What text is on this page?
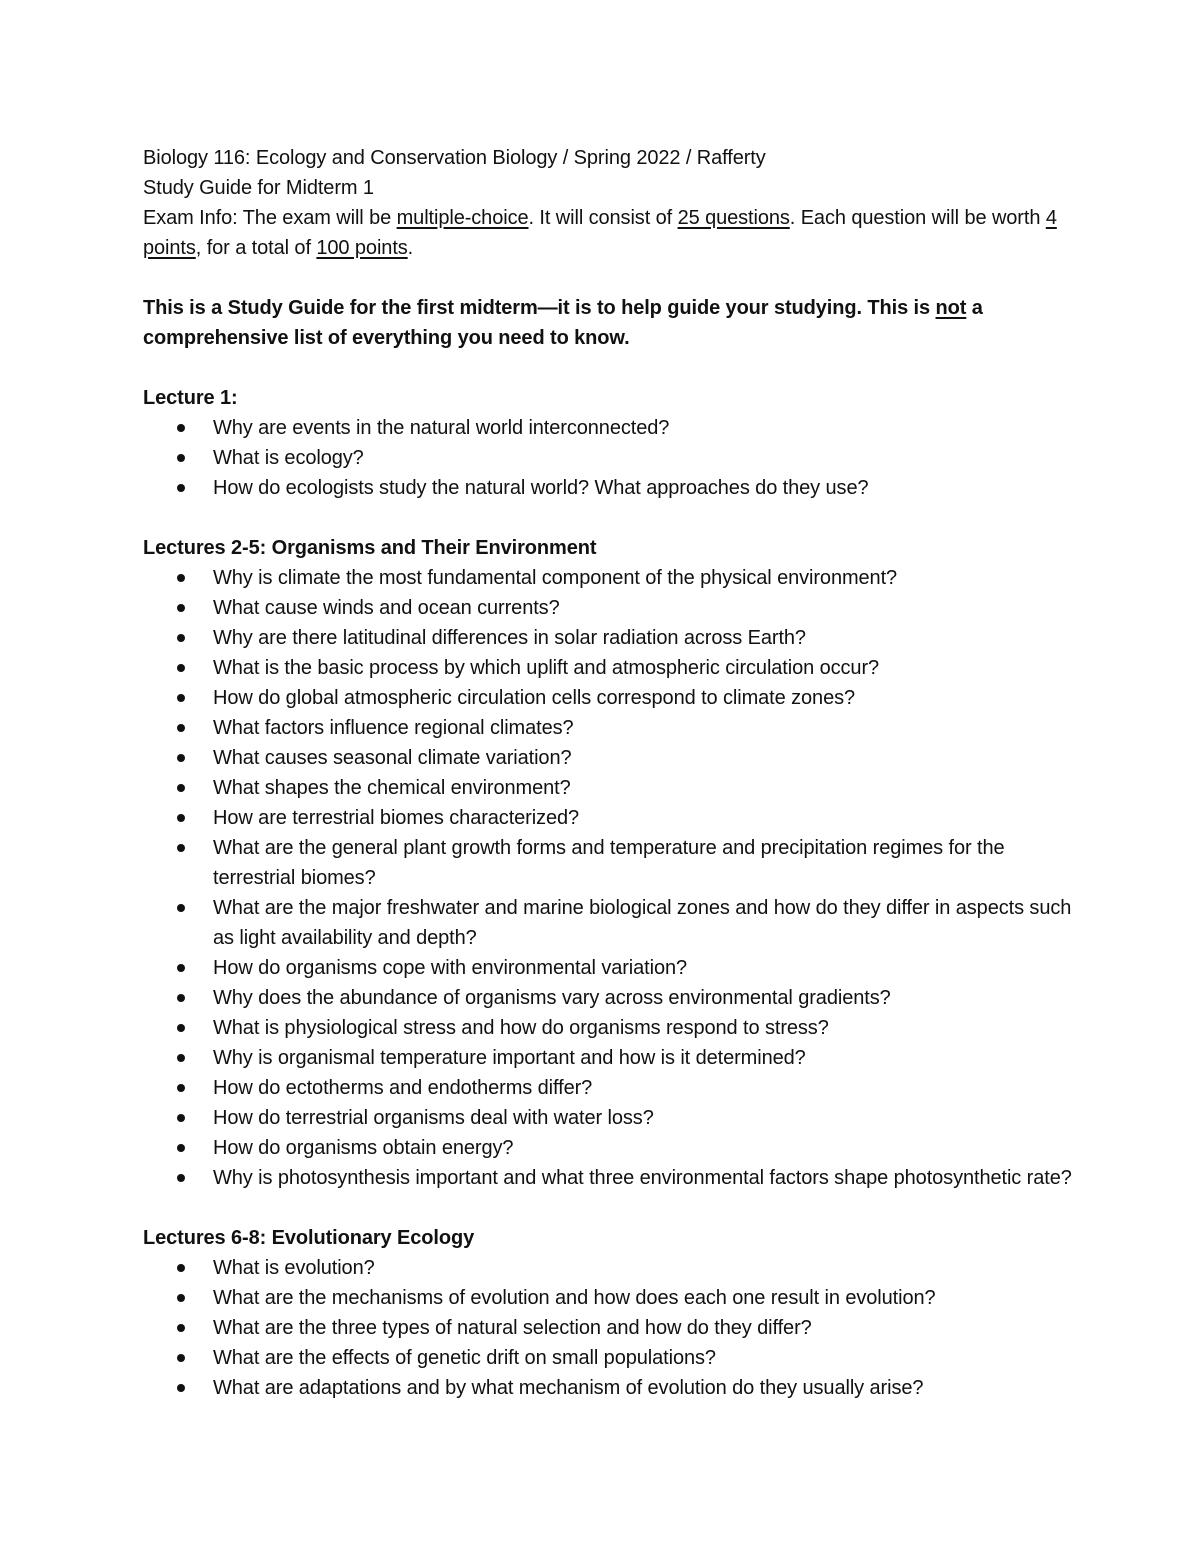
Biology 116: Ecology and Conservation Biology / Spring 2022 / Rafferty
Study Guide for Midterm 1
Exam Info: The exam will be multiple-choice. It will consist of 25 questions. Each question will be worth 4 points, for a total of 100 points.
This is a Study Guide for the first midterm—it is to help guide your studying. This is not a comprehensive list of everything you need to know.
Lecture 1:
Why are events in the natural world interconnected?
What is ecology?
How do ecologists study the natural world? What approaches do they use?
Lectures 2-5: Organisms and Their Environment
Why is climate the most fundamental component of the physical environment?
What cause winds and ocean currents?
Why are there latitudinal differences in solar radiation across Earth?
What is the basic process by which uplift and atmospheric circulation occur?
How do global atmospheric circulation cells correspond to climate zones?
What factors influence regional climates?
What causes seasonal climate variation?
What shapes the chemical environment?
How are terrestrial biomes characterized?
What are the general plant growth forms and temperature and precipitation regimes for the terrestrial biomes?
What are the major freshwater and marine biological zones and how do they differ in aspects such as light availability and depth?
How do organisms cope with environmental variation?
Why does the abundance of organisms vary across environmental gradients?
What is physiological stress and how do organisms respond to stress?
Why is organismal temperature important and how is it determined?
How do ectotherms and endotherms differ?
How do terrestrial organisms deal with water loss?
How do organisms obtain energy?
Why is photosynthesis important and what three environmental factors shape photosynthetic rate?
Lectures 6-8: Evolutionary Ecology
What is evolution?
What are the mechanisms of evolution and how does each one result in evolution?
What are the three types of natural selection and how do they differ?
What are the effects of genetic drift on small populations?
What are adaptations and by what mechanism of evolution do they usually arise?
